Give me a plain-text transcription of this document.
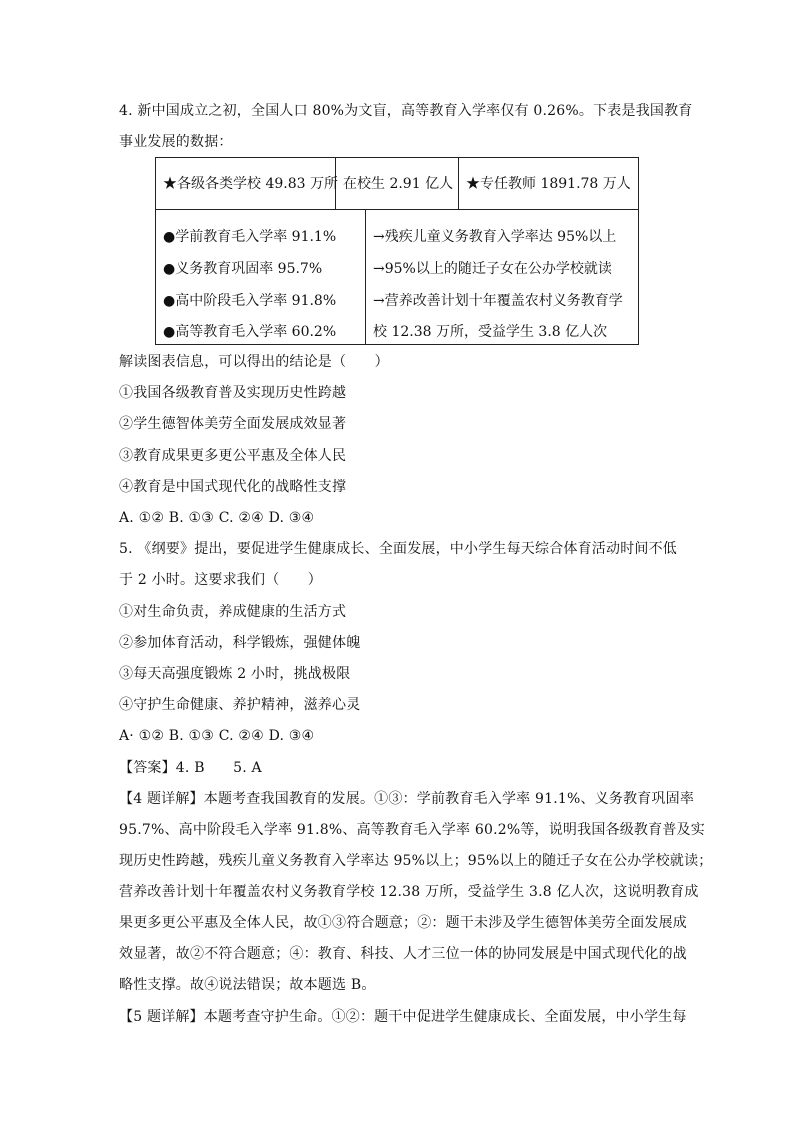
4. 新中国成立之初，全国人口 80%为文盲，高等教育入学率仅有 0.26%。下表是我国教育
事业发展的数据：
★各级各类学校 49.83 万所 在校生 2.91 亿人 ★专任教师 1891.78 万人
●学前教育毛入学率 91.1%
●义务教育巩固率 95.7%
●高中阶段毛入学率 91.8%
●高等教育毛入学率 60.2%
→残疾儿童义务教育入学率达 95%以上
→95%以上的随迁子女在公办学校就读
→营养改善计划十年覆盖农村义务教育学
校 12.38 万所，受益学生 3.8 亿人次
解读图表信息，可以得出的结论是（　　）
①我国各级教育普及实现历史性跨越
②学生德智体美劳全面发展成效显著
③教育成果更多更公平惠及全体人民
④教育是中国式现代化的战略性支撑
A. ①② B. ①③ C. ②④ D. ③④
5. 《纲要》提出，要促进学生健康成长、全面发展，中小学生每天综合体育活动时间不低
于 2 小时。这要求我们（　　）
①对生命负责，养成健康的生活方式
②参加体育活动，科学锻炼，强健体魄
③每天高强度锻炼 2 小时，挑战极限
④守护生命健康、养护精神，滋养心灵
A· ①② B. ①③ C. ②④ D. ③④
【答案】4. B　　5. A
【4 题详解】本题考查我国教育的发展。①③：学前教育毛入学率 91.1%、义务教育巩固率
95.7%、高中阶段毛入学率 91.8%、高等教育毛入学率 60.2%等，说明我国各级教育普及实
现历史性跨越，残疾儿童义务教育入学率达 95%以上；95%以上的随迁子女在公办学校就读；
营养改善计划十年覆盖农村义务教育学校 12.38 万所，受益学生 3.8 亿人次，这说明教育成
果更多更公平惠及全体人民，故①③符合题意；②：题干未涉及学生德智体美劳全面发展成
效显著，故②不符合题意；④：教育、科技、人才三位一体的协同发展是中国式现代化的战
略性支撑。故④说法错误；故本题选 B。
【5 题详解】本题考查守护生命。①②：题干中促进学生健康成长、全面发展，中小学生每
